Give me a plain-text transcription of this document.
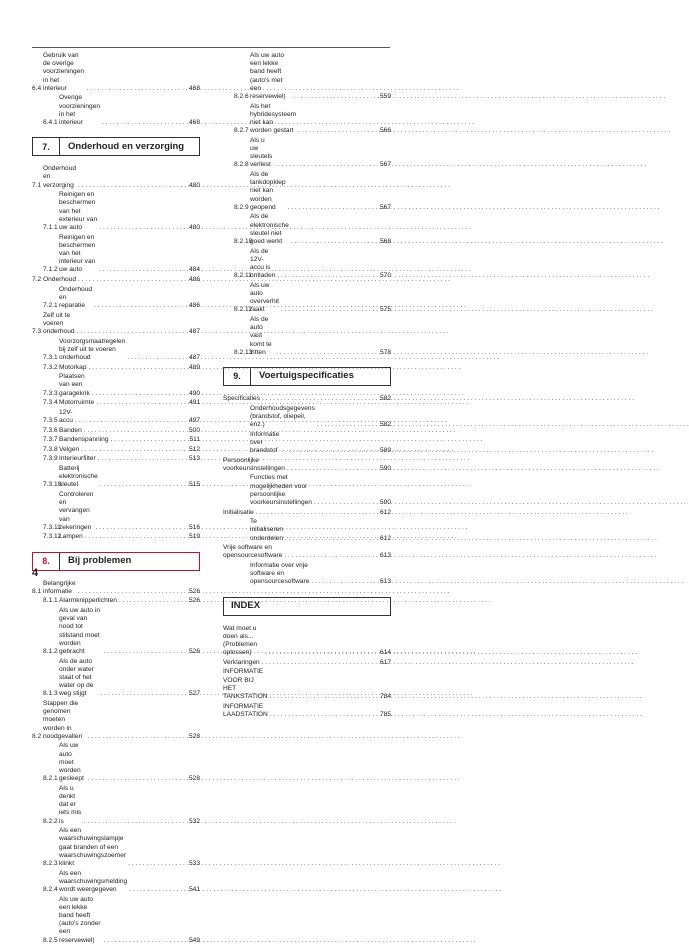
6.4
Gebruik van de overige voorzieningen in het interieur . . .	468
6.4.1
Overige voorzieningen in het interieur . . .	468
7.	Onderhoud en verzorging
7.1
Onderhoud en verzorging . . .	480
7.1.1
Reinigen en beschermen van het exterieur van uw auto . . .	480
7.1.2
Reinigen en beschermen van het interieur van uw auto . . .	484
7.2 Onderhoud . . .	486
7.2.1
Onderhoud en reparatie . . .	486
7.3
Zelf uit te voeren onderhoud . . .	487
7.3.1
Voorzorgsmaatregelen bij zelf uit te voeren onderhoud . . .	487
7.3.2 Motorkap . . .	489
7.3.3
Plaatsen van een garagekrik . . .	490
7.3.4 Motorruimte . . .	491
7.3.5
12V-accu . . .	497
7.3.6 Banden . . .	500
7.3.7 Bandenspanning . . .	511
7.3.8 Velgen . . .	512
7.3.9 Interieurfilter . . .	513
7.3.10
Batterij elektronische sleutel . . .	515
7.3.11
Controleren en vervangen van zekeringen . . .	516
7.3.12
Lampen . . .	519
8.	Bij problemen
8.1
Belangrijke informatie . . .	526
8.1.1 Alarmknipperlichten . . .	526
8.1.2
Als uw auto in geval van nood tot stilstand moet worden gebracht . . .	526
8.1.3
Als de auto onder water staat of het water op de weg stijgt . . .	527
8.2
Stappen die genomen moeten worden in noodgevallen . . .	528
8.2.1
Als uw auto moet worden gesleept . . .	528
8.2.2
Als u denkt dat er iets mis is . . .	532
8.2.3
Als een waarschuwingslampje gaat branden of een waarschuwingszoemer klinkt . . .	533
8.2.4
Als een waarschuwingsmelding wordt weergegeven . . .	541
8.2.5
Als uw auto een lekke band heeft (auto's zonder een reservewiel) . . .	549
8.2.6
Als uw auto een lekke band heeft (auto's met een reservewiel) . . .	559
8.2.7
Als het hybridesysteem niet kan worden gestart . . .	566
8.2.8
Als u uw sleutels verliest . . .	567
8.2.9
Als de tankdopklep niet kan worden geopend . . .	567
8.2.10
Als de elektronische sleutel niet goed werkt . . .	568
8.2.11
Als de 12V-accu is ontladen . . .	570
8.2.12
Als uw auto oververhit raakt . . .	575
8.2.13
Als de auto vast komt te zitten . . .	578
9.	Voertuigspecificaties
Specificaties . . .	582
Onderhoudsgegevens (brandstof, oliepeil, enz.) . . .	582
Informatie over brandstof . . .	589
Persoonlijke voorkeursinstellingen . . .	590
Functies met mogelijkheden voor persoonlijke voorkeursinstellingen . . .	590
Initialisatie . . .	612
Te initialiseren onderdelen . . .	612
Vrije software en opensourcesoftware . . .	613
Informatie over vrije software en opensourcesoftware . . .	613
INDEX
Wat moet u doen als... (Problemen oplossen) . . .	614
Verklaringen . . .	617
INFORMATIE VOOR BIJ HET TANKSTATION . . .	784
INFORMATIE LAADSTATION . . .	785
4
